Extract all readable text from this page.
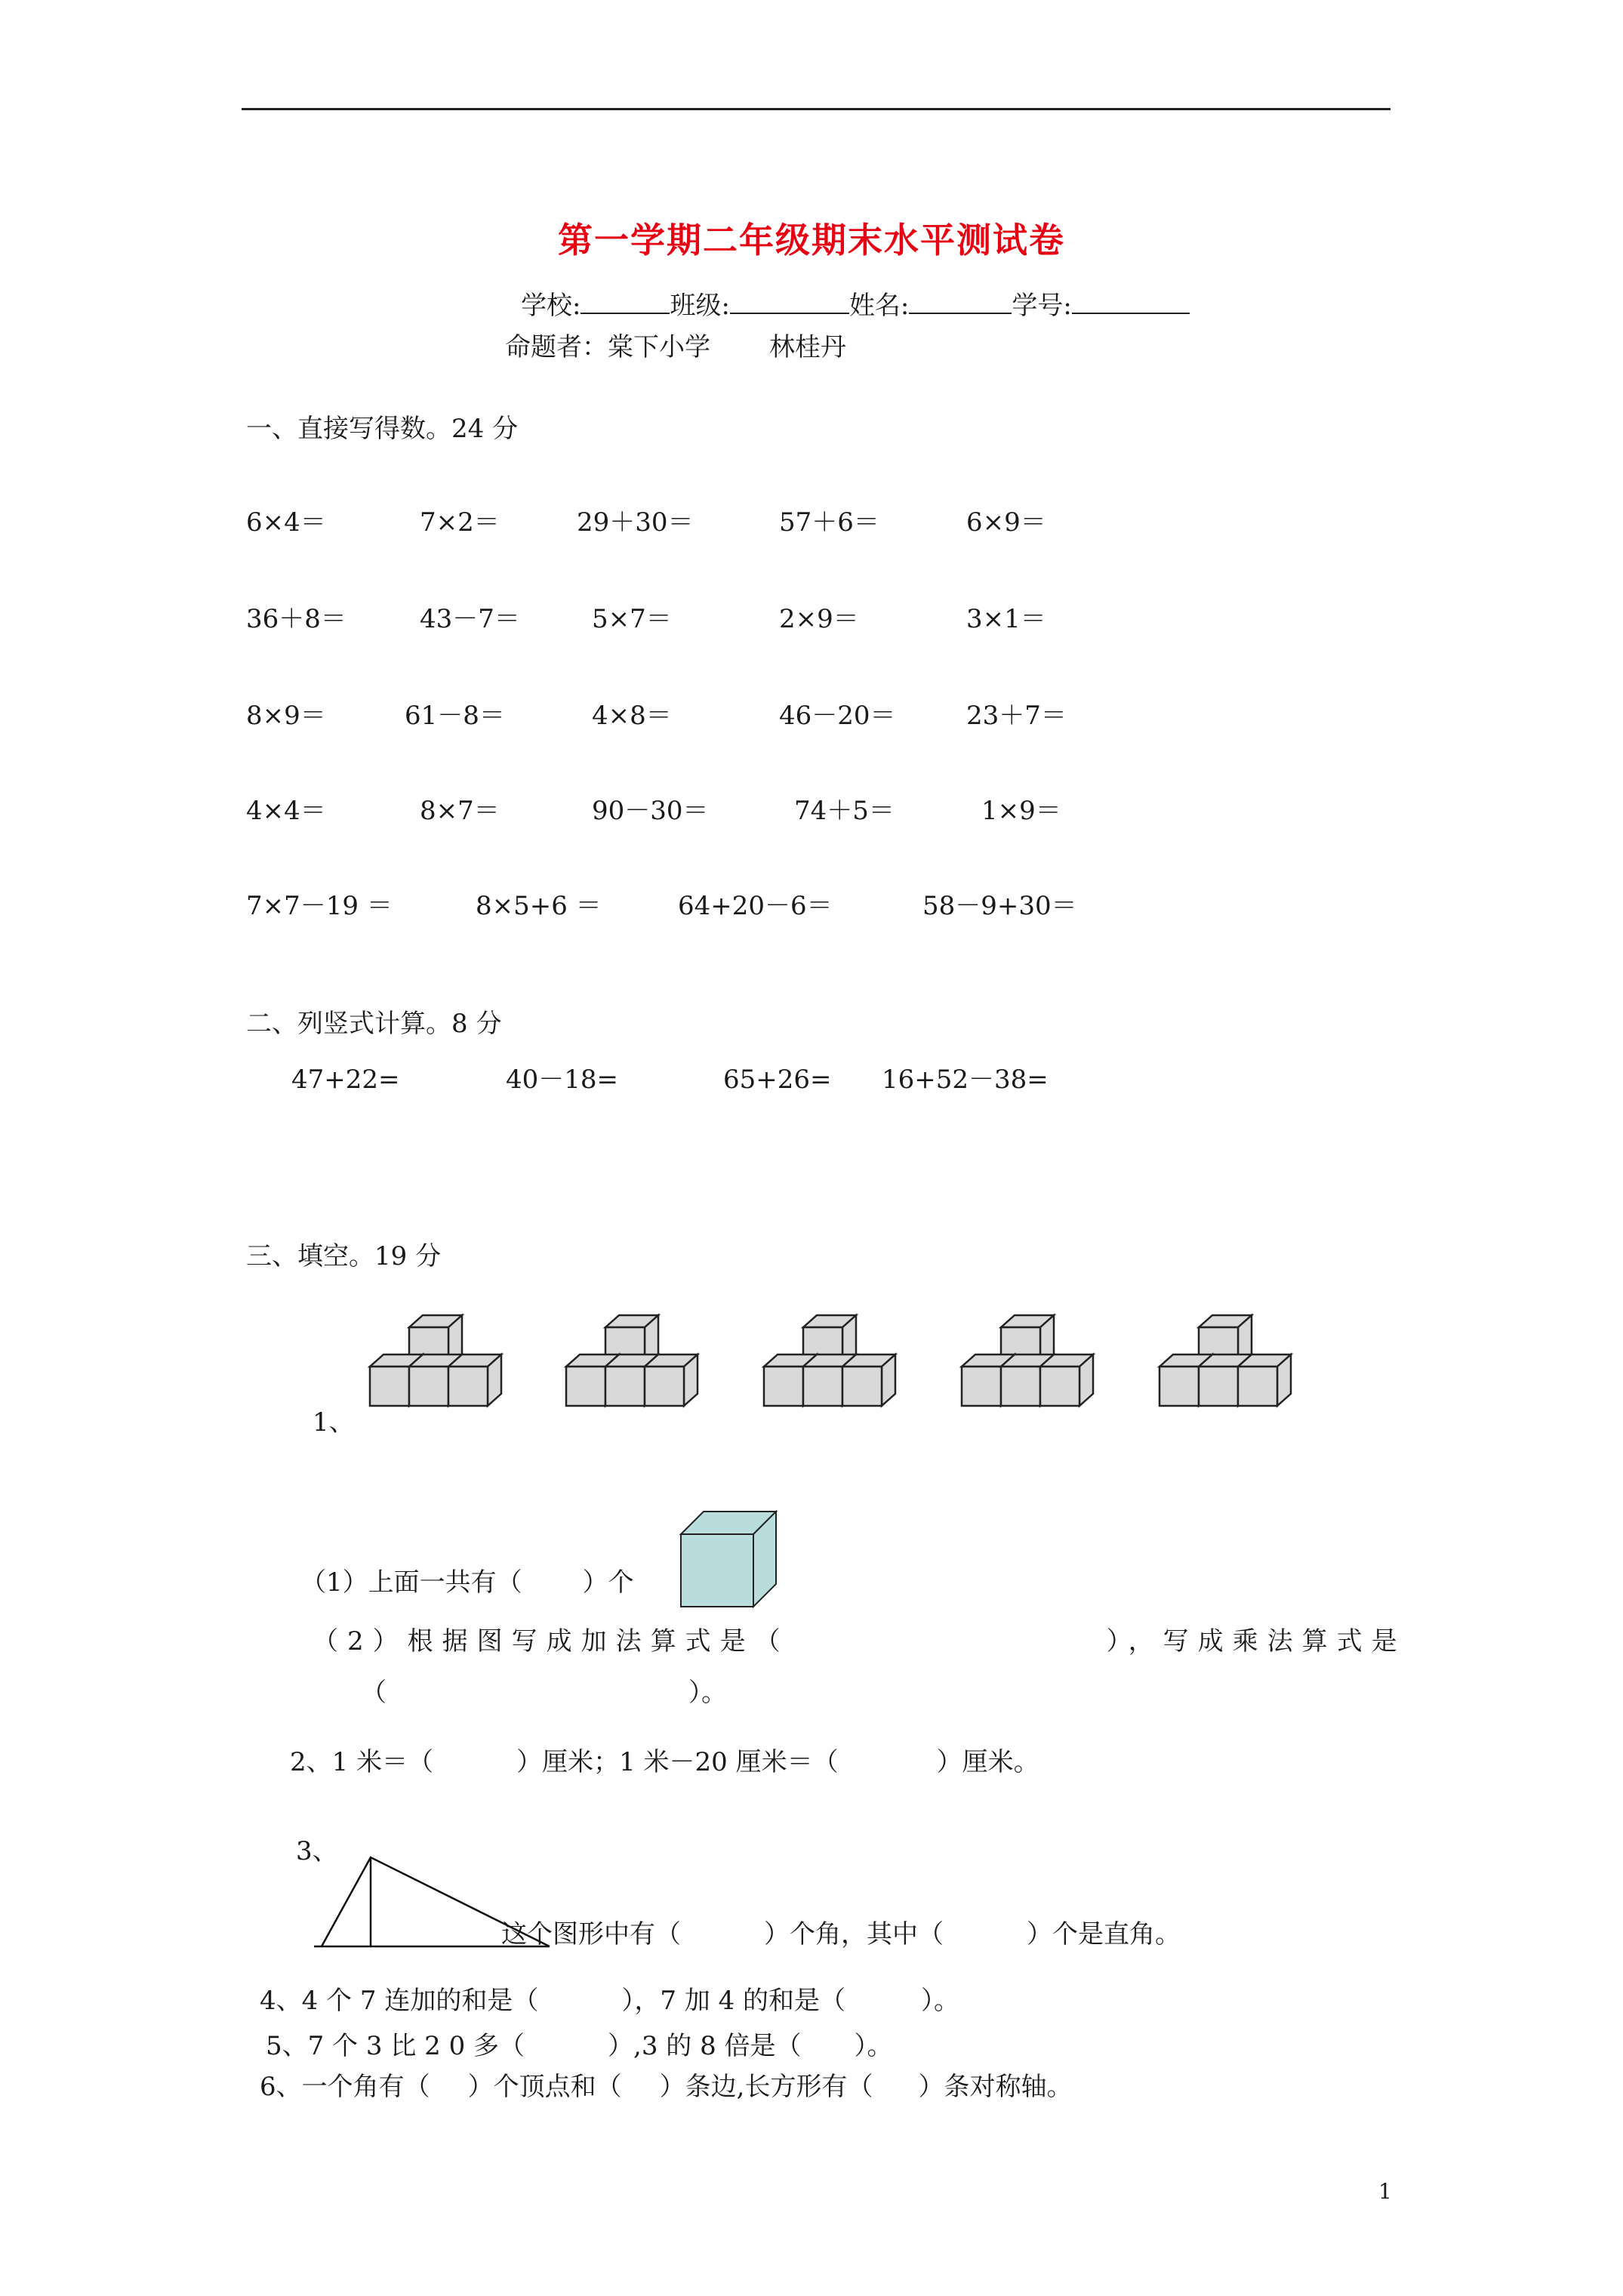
第一学期二年级期末水平测试卷
学校:	班级:	姓名:	学号:
命题者：棠下小学 林桂丹
一、直接写得数。24 分
6×4＝	7×2＝	29＋30＝	57＋6＝	6×9＝
36＋8＝	43－7＝	5×7＝	2×9＝	3×1＝
8×9＝	61－8＝	4×8＝	46－20＝	23＋7＝
4×4＝	8×7＝	90－30＝	74＋5＝	1×9＝
7×7－19 ＝	8×5+6 ＝	64+20－6＝	58－9+30＝
二、列竖式计算。8 分
47+22=	40－18=	65+26= 16+52－38=
三、填空。19 分
1、
（1）上面一共有（ ）个
（2）根据图写成加法算式是（	），写成乘法算式是
（	）。
2、1 米＝（	）厘米；1 米－20 厘米＝（	）厘米。
3、
这个图形中有（	）个角，其中（	）个是直角。
4、4 个 7 连加的和是（	），7 加 4 的和是（	）。
5、7 个 3 比 2 0 多（	）,3 的 8 倍是（ ）。
6、一个角有（ ）个顶点和（ ）条边,长方形有（ ）条对称轴。
1
